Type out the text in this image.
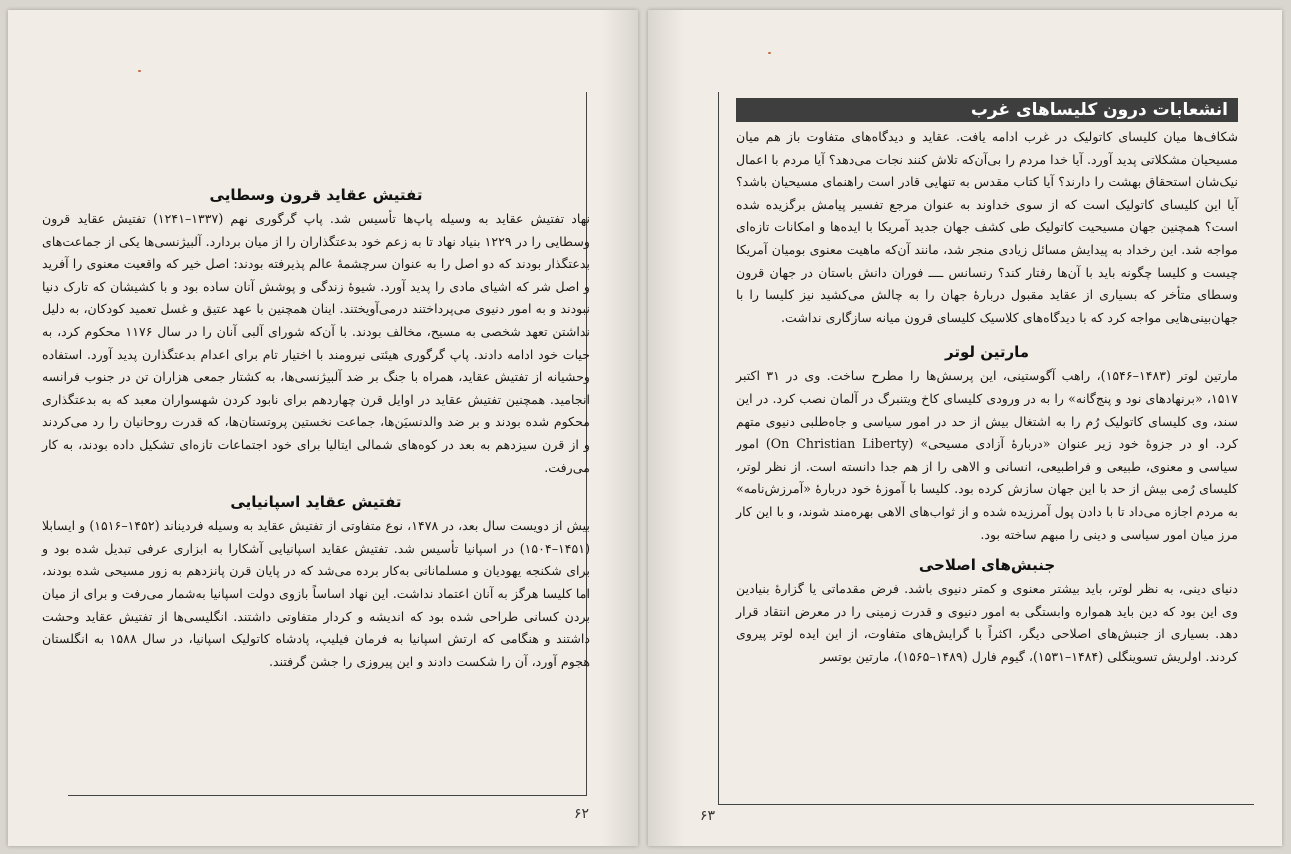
تفتیش عقاید قرون وسطایی

نهاد تفتیش عقاید به وسیله پاپ‌ها تأسیس شد. پاپ گرگوری نهم (۱۳۳۷–۱۲۴۱) تفتیش عقاید قرون وسطایی را در ۱۲۲۹ بنیاد نهاد تا به زعم خود بدعتگذاران را از میان بردارد. آلبیژنسی‌ها یکی از جماعت‌های بدعتگذار بودند که دو اصل را به عنوان سرچشمهٔ عالم پذیرفته بودند: اصل خیر که واقعیت معنوی را آفرید و اصل شر که اشیای مادی را پدید آورد. شیوهٔ زندگی و پوشش آنان ساده بود و با کشیشان که تارک دنیا نبودند و به امور دنیوی می‌پرداختند درمی‌آویختند. اینان همچنین با عهد عتیق و غسل تعمید کودکان، به دلیل نداشتن تعهد شخصی به مسیح، مخالف بودند. با آن‌که شورای آلبی آنان را در سال ۱۱۷۶ محکوم کرد، به حیات خود ادامه دادند. پاپ گرگوری هیئتی نیرومند با اختیار تام برای اعدام بدعتگذارن پدید آورد. استفاده وحشیانه از تفتیش عقاید، همراه با جنگ بر ضد آلبیژنسی‌ها، به کشتار جمعی هزاران تن در جنوب فرانسه انجامید. همچنین تفتیش عقاید در اوایل قرن چهاردهم برای نابود کردن شهسواران معبد که به بدعتگذاری محکوم شده بودند و بر ضد والدنسیَن‌ها، جماعت نخستین پروتستان‌ها، که قدرت روحانیان را رد می‌کردند و از قرن سیزدهم به بعد در کوه‌های شمالی ایتالیا برای خود اجتماعات تازه‌ای تشکیل داده بودند، به کار می‌رفت.

تفتیش عقاید اسپانیایی

بیش از دویست سال بعد، در ۱۴۷۸، نوع متفاوتی از تفتیش عقاید به وسیله فردیناند (۱۴۵۲–۱۵۱۶) و ایسابلا (۱۴۵۱–۱۵۰۴) در اسپانیا تأسیس شد. تفتیش عقاید اسپانیایی آشکارا به ابزاری عرفی تبدیل شده بود و برای شکنجه یهودیان و مسلمانانی به‌کار برده می‌شد که در پایان قرن پانزدهم به زور مسیحی شده بودند، اما کلیسا هرگز به آنان اعتماد نداشت. این نهاد اساساً بازوی دولت اسپانیا به‌شمار می‌رفت و برای از میان بردن کسانی طراحی شده بود که اندیشه و کردار متفاوتی داشتند. انگلیسی‌ها از تفتیش عقاید وحشت داشتند و هنگامی که ارتش اسپانیا به فرمان فیلیپ، پادشاه کاتولیک اسپانیا، در سال ۱۵۸۸ به انگلستان هجوم آورد، آن را شکست دادند و این پیروزی را جشن گرفتند.

۶۲
انشعابات درون کلیساهای غرب

شکاف‌ها میان کلیسای کاتولیک در غرب ادامه یافت. عقاید و دیدگاه‌های متفاوت باز هم میان مسیحیان مشکلاتی پدید آورد. آیا خدا مردم را بی‌آن‌که تلاش کنند نجات می‌دهد؟ آیا مردم با اعمال نیک‌شان استحقاق بهشت را دارند؟ آیا کتاب مقدس به تنهایی قادر است راهنمای مسیحیان باشد؟ آیا این کلیسای کاتولیک است که از سوی خداوند به عنوان مرجع تفسیر پیامش برگزیده شده است؟ همچنین جهان مسیحیت کاتولیک طی کشف جهان جدید آمریکا با ایده‌ها و امکانات تازه‌ای مواجه شد. این رخداد به پیدایش مسائل زیادی منجر شد، مانند آن‌که ماهیت معنوی بومیان آمریکا چیست و کلیسا چگونه باید با آن‌ها رفتار کند؟ رنسانس ــــ فوران دانش باستان در جهان قرون وسطای متأخر که بسیاری از عقاید مقبول دربارهٔ جهان را به چالش می‌کشید نیز کلیسا را با جهان‌بینی‌هایی مواجه کرد که با دیدگاه‌های کلاسیک کلیسای قرون میانه سازگاری نداشت.

مارتین لوتر

مارتین لوتر (۱۴۸۳–۱۵۴۶)، راهب آگوستینی، این پرسش‌ها را مطرح ساخت. وی در ۳۱ اکتبر ۱۵۱۷، «برنهادهای نود و پنج‌گانه» را به در ورودی کلیسای کاخ ویتنبرگ در آلمان نصب کرد. در این سند، وی کلیسای کاتولیک رُم را به اشتغال بیش از حد در امور سیاسی و جاه‌طلبی دنیوی متهم کرد. او در جزوهٔ خود زیر عنوان «دربارهٔ آزادی مسیحی» (On Christian Liberty) امور سیاسی و معنوی، طبیعی و فراطبیعی، انسانی و الاهی را از هم جدا دانسته است. از نظر لوتر، کلیسای رُمی بیش از حد با این جهان سازش کرده بود. کلیسا با آموزهٔ خود دربارهٔ «آمرزش‌نامه» به مردم اجازه می‌داد تا با دادن پول آمرزیده شده و از ثواب‌های الاهی بهره‌مند شوند، و با این کار مرز میان امور سیاسی و دینی را مبهم ساخته بود.

جنبش‌های اصلاحی

دنیای دینی، به نظر لوتر، باید بیشتر معنوی و کمتر دنیوی باشد. فرض مقدماتی یا گزارهٔ بنیادین وی این بود که دین باید همواره وابستگی به امور دنیوی و قدرت زمینی را در معرض انتقاد قرار دهد. بسیاری از جنبش‌های اصلاحی دیگر، اکثراً با گرایش‌های متفاوت، از این ایده لوتر پیروی کردند. اولریش تسوینگلی (۱۴۸۴–۱۵۳۱)، گیوم فارل (۱۴۸۹–۱۵۶۵)، مارتین بوتسر

۶۳
